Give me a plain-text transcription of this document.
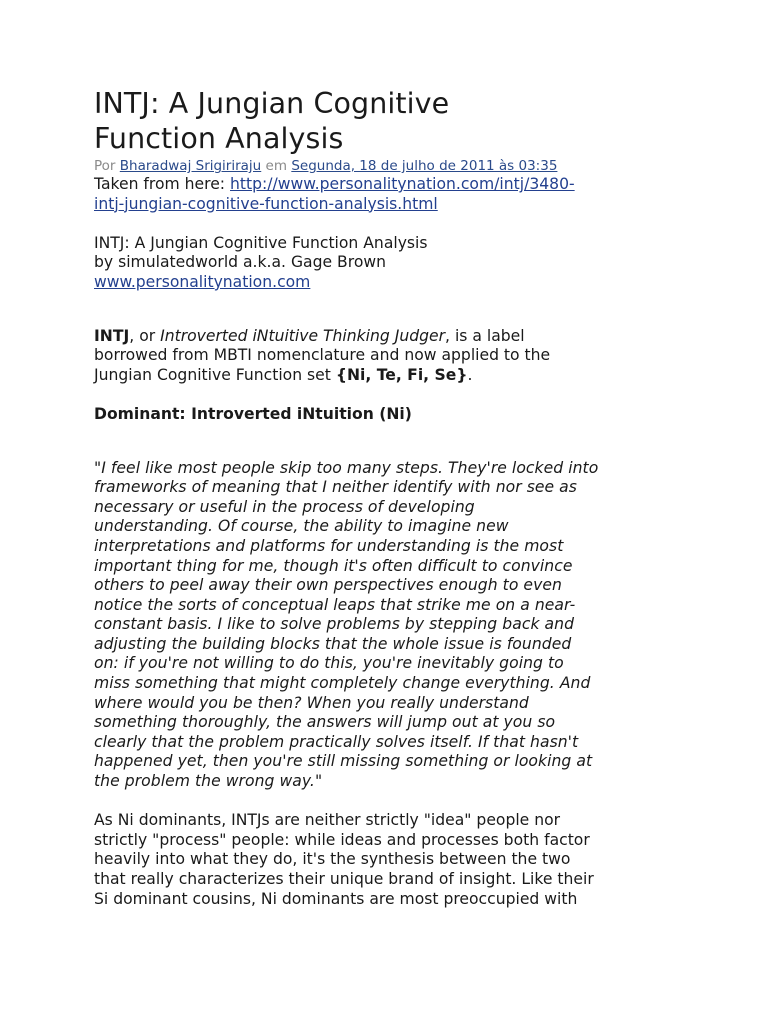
INTJ: A Jungian Cognitive
Function Analysis
Por Bharadwaj Srigiriraju em Segunda, 18 de julho de 2011 às 03:35
Taken from here: http://www.personalitynation.com/intj/3480-
intj-jungian-cognitive-function-analysis.html
INTJ: A Jungian Cognitive Function Analysis
by simulatedworld a.k.a. Gage Brown
www.personalitynation.com

INTJ, or Introverted iNtuitive Thinking Judger, is a label
borrowed from MBTI nomenclature and now applied to the
Jungian Cognitive Function set {Ni, Te, Fi, Se}.

Dominant: Introverted iNtuition (Ni)

"I feel like most people skip too many steps. They're locked into
frameworks of meaning that I neither identify with nor see as
necessary or useful in the process of developing
understanding. Of course, the ability to imagine new
interpretations and platforms for understanding is the most
important thing for me, though it's often difficult to convince
others to peel away their own perspectives enough to even
notice the sorts of conceptual leaps that strike me on a near-
constant basis. I like to solve problems by stepping back and
adjusting the building blocks that the whole issue is founded
on: if you're not willing to do this, you're inevitably going to
miss something that might completely change everything. And
where would you be then? When you really understand
something thoroughly, the answers will jump out at you so
clearly that the problem practically solves itself. If that hasn't
happened yet, then you're still missing something or looking at
the problem the wrong way."

As Ni dominants, INTJs are neither strictly "idea" people nor
strictly "process" people: while ideas and processes both factor
heavily into what they do, it's the synthesis between the two
that really characterizes their unique brand of insight. Like their
Si dominant cousins, Ni dominants are most preoccupied with
